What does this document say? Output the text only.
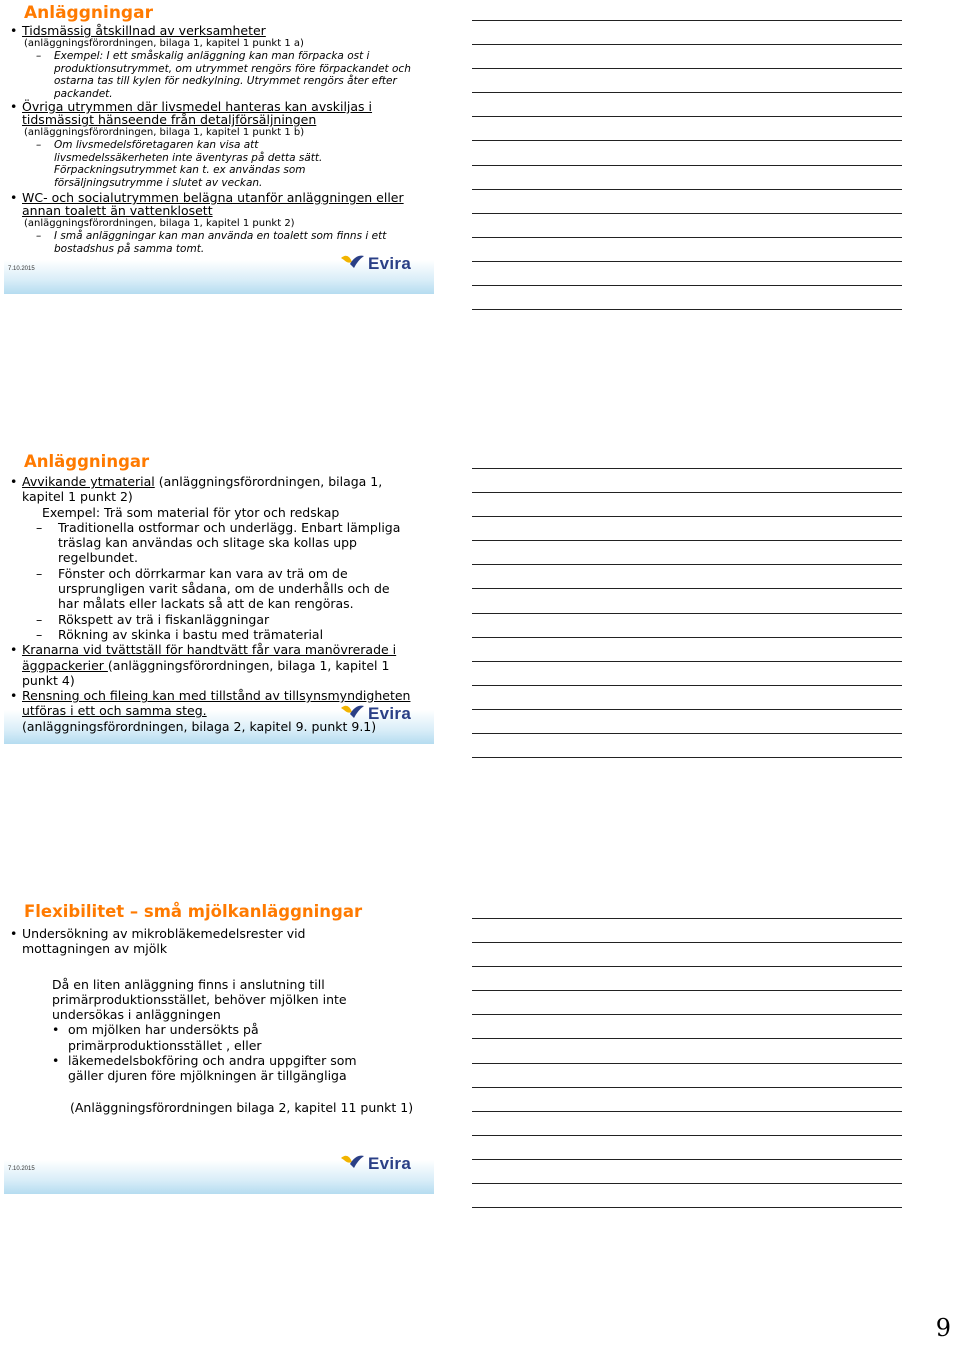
Anläggningar
• Tidsmässig åtskillnad av verksamheter
(anläggningsförordningen, bilaga 1, kapitel 1 punkt 1 a)
– Exempel: I ett småskalig anläggning kan man förpacka ost i produktionsutrymmet, om utrymmet rengörs före förpackandet och ostarna tas till kylen för nedkylning. Utrymmet rengörs åter efter packandet.
• Övriga utrymmen där livsmedel hanteras kan avskiljas i tidsmässigt hänseende från detaljförsäljningen
(anläggningsförordningen, bilaga 1, kapitel 1 punkt 1 b)
– Om livsmedelsföretagaren kan visa att livsmedelssäkerheten inte äventyras på detta sätt. Förpackningsutrymmet kan t. ex användas som försäljningsutrymme i slutet av veckan.
• WC- och socialutrymmen belägna utanför anläggningen eller annan toalett än vattenklosett
(anläggningsförordningen, bilaga 1, kapitel 1 punkt 2)
– I små anläggningar kan man använda en toalett som finns i ett bostadshus på samma tomt.
7.10.2015	Evira
Anläggningar
• Avvikande ytmaterial (anläggningsförordningen, bilaga 1, kapitel 1 punkt 2)
Exempel: Trä som material för ytor och redskap
– Traditionella ostformar och underlägg. Enbart lämpliga träslag kan användas och slitage ska kollas upp regelbundet.
– Fönster och dörrkarmar kan vara av trä om de ursprungligen varit sådana, om de underhålls och de har målats eller lackats så att de kan rengöras.
– Rökspett av trä i fiskanläggningar
– Rökning av skinka i bastu med trämaterial
• Kranarna vid tvättställ för handtvätt får vara manövrerade i äggpackerier (anläggningsförordningen, bilaga 1, kapitel 1 punkt 4)
• Rensning och fileing kan med tillstånd av tillsynsmyndigheten utföras i ett och samma steg.
(anläggningsförordningen, bilaga 2, kapitel 9. punkt 9.1)
Evira
Flexibilitet – små mjölkanläggningar
• Undersökning av mikrobläkemedelsrester vid mottagningen av mjölk
Då en liten anläggning finns i anslutning till primärproduktionsstället, behöver mjölken inte undersökas i anläggningen
• om mjölken har undersökts på primärproduktionsstället , eller
• läkemedelsbokföring och andra uppgifter som gäller djuren före mjölkningen är tillgängliga
(Anläggningsförordningen bilaga 2, kapitel 11 punkt 1)
7.10.2015	Evira
9
